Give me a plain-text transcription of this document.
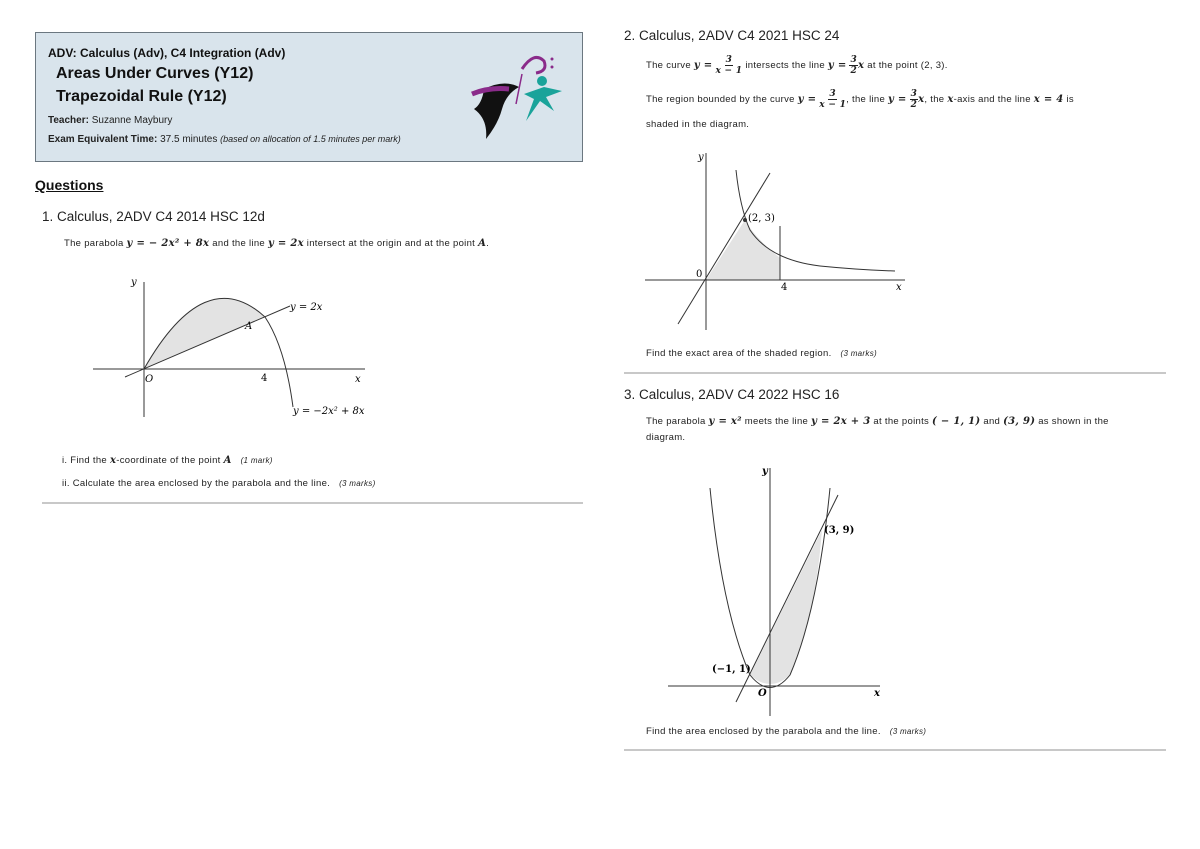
ADV: Calculus (Adv), C4 Integration (Adv)
Areas Under Curves (Y12)
Trapezoidal Rule (Y12)
Teacher: Suzanne Maybury
Exam Equivalent Time: 37.5 minutes (based on allocation of 1.5 minutes per mark)
Questions
1. Calculus, 2ADV C4 2014 HSC 12d
The parabola y = − 2x² + 8x and the line y = 2x intersect at the origin and at the point A.
y
x
O	4
A
y = 2x
y = −2x² + 8x
i. Find the x-coordinate of the point A (1 mark)
ii. Calculate the area enclosed by the parabola and the line. (3 marks)
2. Calculus, 2ADV C4 2021 HSC 24
The curve $y = \frac{3}{x - 1}$ intersects the line $y = \frac{3}{2}$ x at the point (2, 3).
The region bounded by the curve $y = \frac{3}{x - 1}$ , the line $y = \frac{3}{2} x$, the x-axis and the line x = 4 is
shaded in the diagram.
y
x
0
4
(2, 3)
Find the exact area of the shaded region. (3 marks)
3. Calculus, 2ADV C4 2022 HSC 16
The parabola y = x² meets the line y = 2x + 3 at the points ( − 1, 1) and (3, 9) as shown in the
diagram.
y
x
O
(−1, 1)
(3, 9)
Find the area enclosed by the parabola and the line. (3 marks)
